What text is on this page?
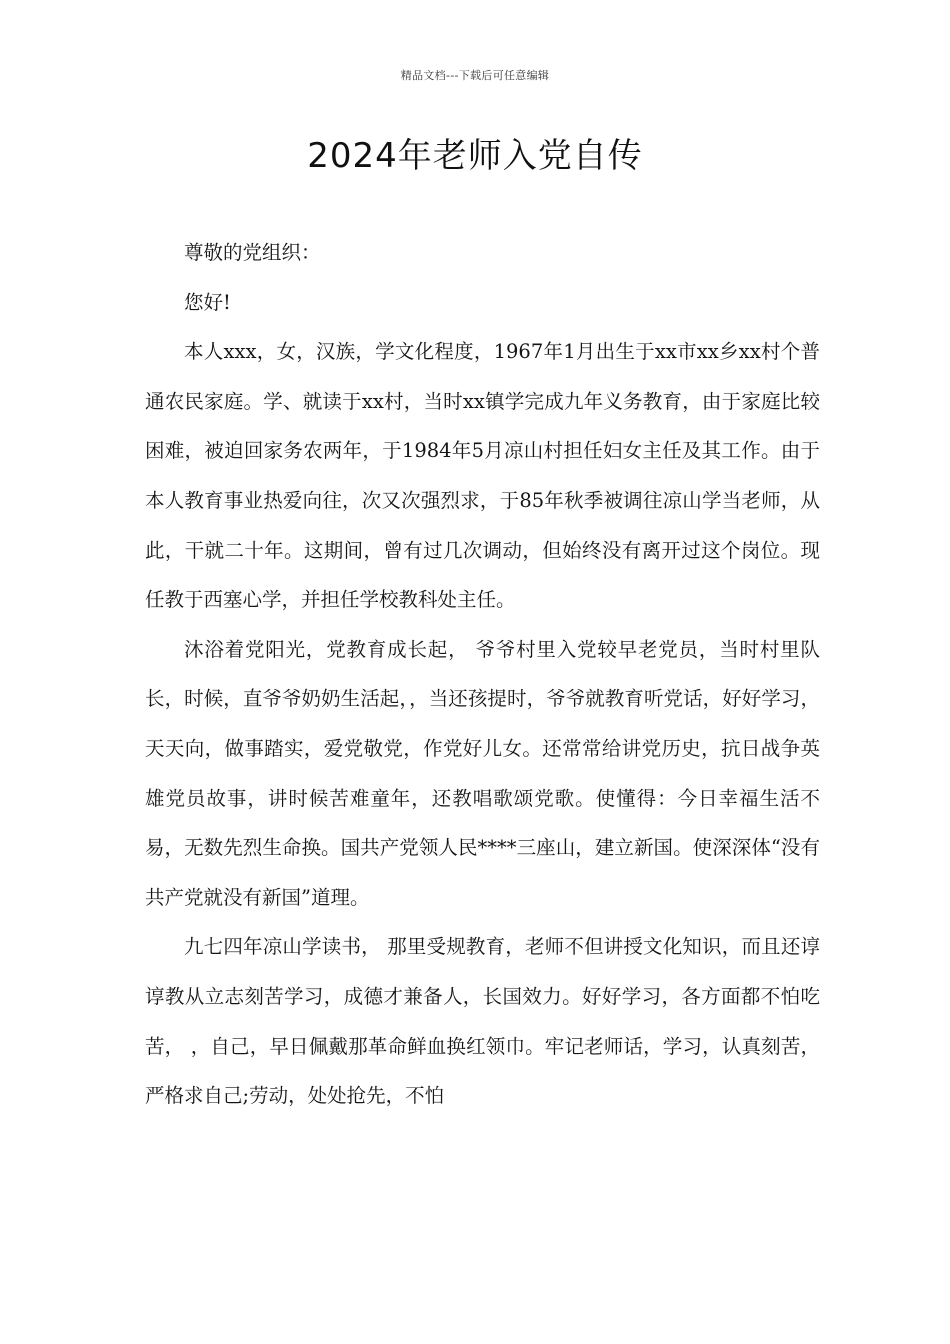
精品文档---下载后可任意编辑
2024年老师入党自传

尊敬的党组织：

您好!

本人xxx，女，汉族，学文化程度，1967年1月出生于xx市xx乡xx村个普通农民家庭。学、就读于xx村，当时xx镇学完成九年义务教育，由于家庭比较困难，被迫回家务农两年，于1984年5月凉山村担任妇女主任及其工作。由于本人教育事业热爱向往，次又次强烈求，于85年秋季被调往凉山学当老师，从此，干就二十年。这期间，曾有过几次调动，但始终没有离开过这个岗位。现任教于西塞心学，并担任学校教科处主任。

沐浴着党阳光，党教育成长起， 爷爷村里入党较早老党员，当时村里队长，时候，直爷爷奶奶生活起，，当还孩提时，爷爷就教育听党话，好好学习，天天向，做事踏实，爱党敬党，作党好儿女。还常常给讲党历史，抗日战争英雄党员故事，讲时候苦难童年，还教唱歌颂党歌。使懂得：今日幸福生活不易，无数先烈生命换。国共产党领人民****三座山，建立新国。使深深体“没有共产党就没有新国”道理。

九七四年凉山学读书， 那里受规教育，老师不但讲授文化知识，而且还谆谆教从立志刻苦学习，成德才兼备人，长国效力。好好学习，各方面都不怕吃苦， ，自己，早日佩戴那革命鲜血换红领巾。牢记老师话，学习，认真刻苦，严格求自己;劳动，处处抢先，不怕
